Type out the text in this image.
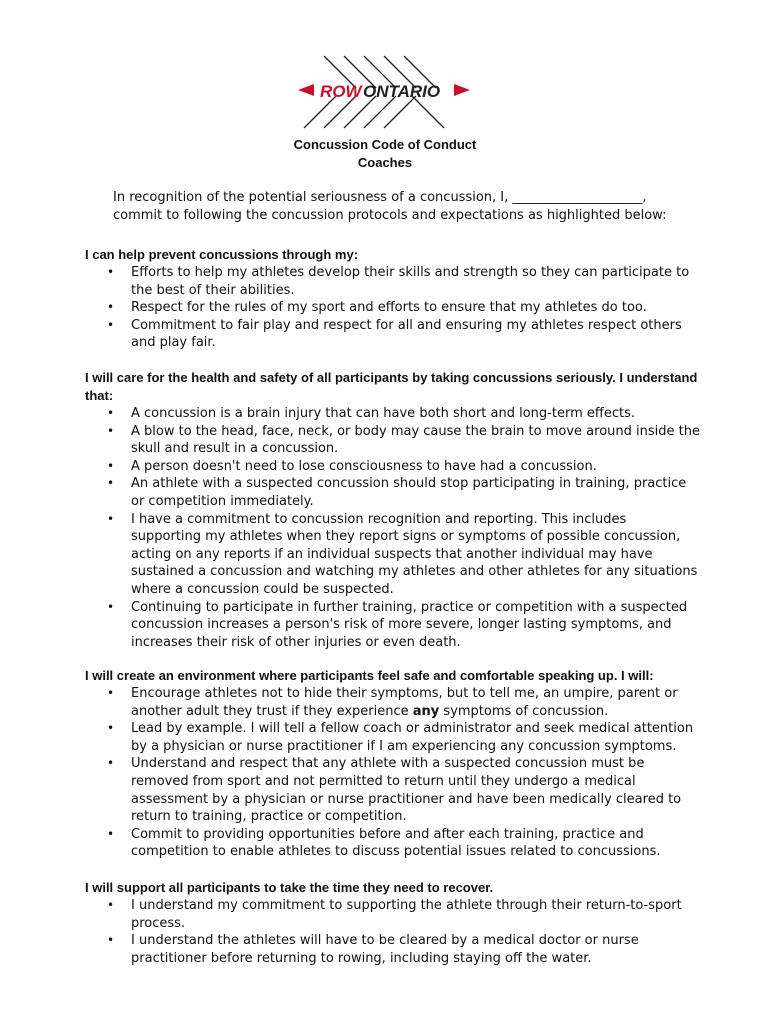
ROW ONTARIO
Concussion Code of Conduct
Coaches
In recognition of the potential seriousness of a concussion, I, ____________________,
commit to following the concussion protocols and expectations as highlighted below:
I can help prevent concussions through my:
• Efforts to help my athletes develop their skills and strength so they can participate to the best of their abilities.
• Respect for the rules of my sport and efforts to ensure that my athletes do too.
• Commitment to fair play and respect for all and ensuring my athletes respect others and play fair.
I will care for the health and safety of all participants by taking concussions seriously. I understand that:
• A concussion is a brain injury that can have both short and long-term effects.
• A blow to the head, face, neck, or body may cause the brain to move around inside the skull and result in a concussion.
• A person doesn't need to lose consciousness to have had a concussion.
• An athlete with a suspected concussion should stop participating in training, practice or competition immediately.
• I have a commitment to concussion recognition and reporting. This includes supporting my athletes when they report signs or symptoms of possible concussion, acting on any reports if an individual suspects that another individual may have sustained a concussion and watching my athletes and other athletes for any situations where a concussion could be suspected.
• Continuing to participate in further training, practice or competition with a suspected concussion increases a person's risk of more severe, longer lasting symptoms, and increases their risk of other injuries or even death.
I will create an environment where participants feel safe and comfortable speaking up. I will:
• Encourage athletes not to hide their symptoms, but to tell me, an umpire, parent or another adult they trust if they experience any symptoms of concussion.
• Lead by example. I will tell a fellow coach or administrator and seek medical attention by a physician or nurse practitioner if I am experiencing any concussion symptoms.
• Understand and respect that any athlete with a suspected concussion must be removed from sport and not permitted to return until they undergo a medical assessment by a physician or nurse practitioner and have been medically cleared to return to training, practice or competition.
• Commit to providing opportunities before and after each training, practice and competition to enable athletes to discuss potential issues related to concussions.
I will support all participants to take the time they need to recover.
• I understand my commitment to supporting the athlete through their return-to-sport process.
• I understand the athletes will have to be cleared by a medical doctor or nurse practitioner before returning to rowing, including staying off the water.
